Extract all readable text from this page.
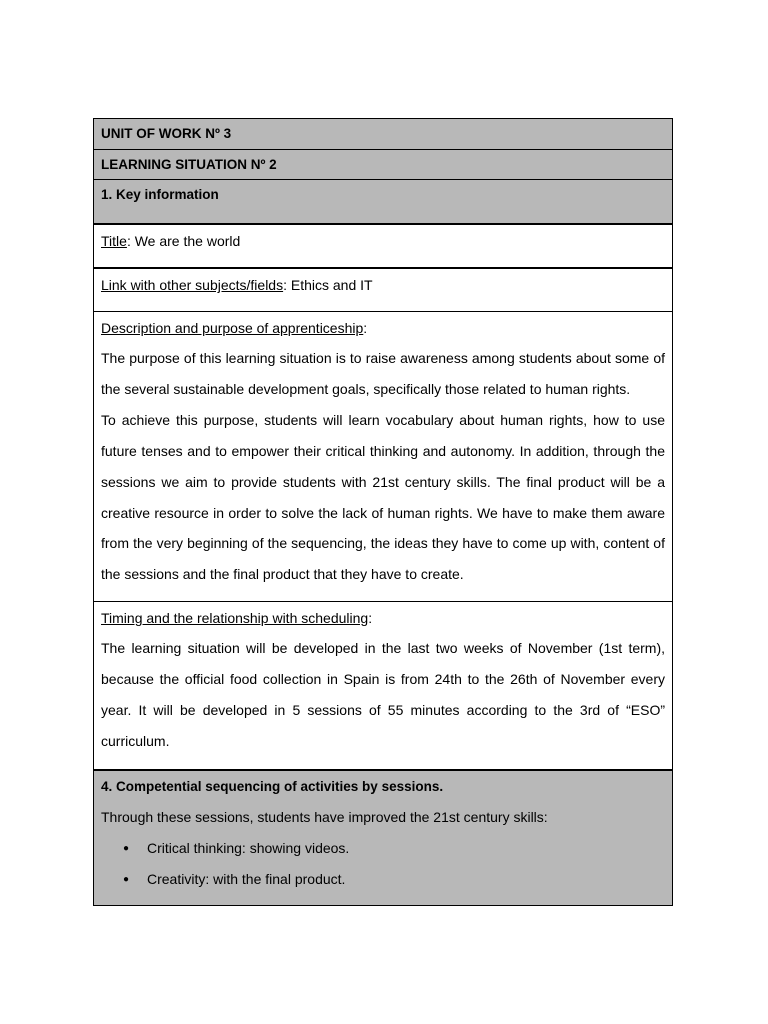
UNIT OF WORK Nº 3
LEARNING SITUATION Nº 2
1. Key information
Title: We are the world
Link with other subjects/fields: Ethics and IT
Description and purpose of apprenticeship:

The purpose of this learning situation is to raise awareness among students about some of the several sustainable development goals, specifically those related to human rights.

To achieve this purpose, students will learn vocabulary about human rights, how to use future tenses and to empower their critical thinking and autonomy. In addition, through the sessions we aim to provide students with 21st century skills. The final product will be a creative resource in order to solve the lack of human rights. We have to make them aware from the very beginning of the sequencing, the ideas they have to come up with, content of the sessions and the final product that they have to create.

Timing and the relationship with scheduling:

The learning situation will be developed in the last two weeks of November (1st term), because the official food collection in Spain is from 24th to the 26th of November every year. It will be developed in 5 sessions of 55 minutes according to the 3rd of “ESO” curriculum.

4. Competential sequencing of activities by sessions.

Through these sessions, students have improved the 21st century skills:

● Critical thinking: showing videos.
● Creativity: with the final product.
